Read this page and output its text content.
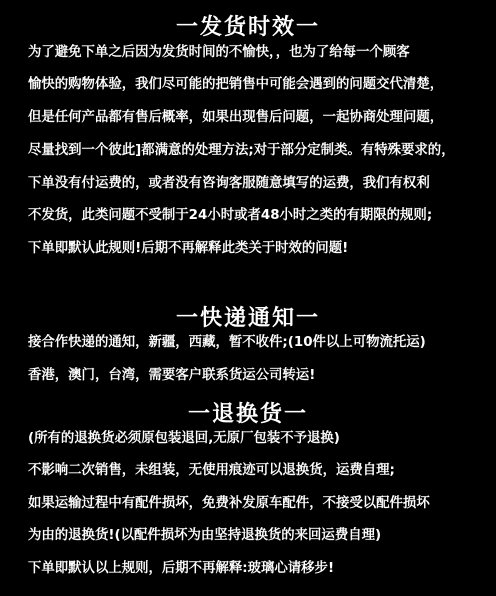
一发货时效一
为了避免下单之后因为发货时间的不愉快，，也为了给每一个顾客
愉快的购物体验，我们尽可能的把销售中可能会遇到的问题交代清楚，
但是任何产品都有售后概率，如果出现售后问题，一起协商处理问题，
尽量找到一个彼此]都满意的处理方法;对于部分定制类。有特殊要求的，
下单没有付运费的，或者没有咨询客服随意填写的运费，我们有权利
不发货，此类问题不受制于24小时或者48小时之类的有期限的规则;
下单即默认此规则!后期不再解释此类关于时效的问题!
一快递通知一
接合作快递的通知，新疆，西藏，暂不收件;(10件以上可物流托运)
香港，澳门，台湾，需要客户联系货运公司转运!
一退换货一
(所有的退换货必须原包装退回,无原厂包装不予退换)
不影响二次销售，未组装，无使用痕迹可以退换货，运费自理;
如果运输过程中有配件损坏，免费补发原车配件，不接受以配件损坏
为由的退换货!(以配件损坏为由坚持退换货的来回运费自理)
下单即默认以上规则，后期不再解释:玻璃心请移步!
